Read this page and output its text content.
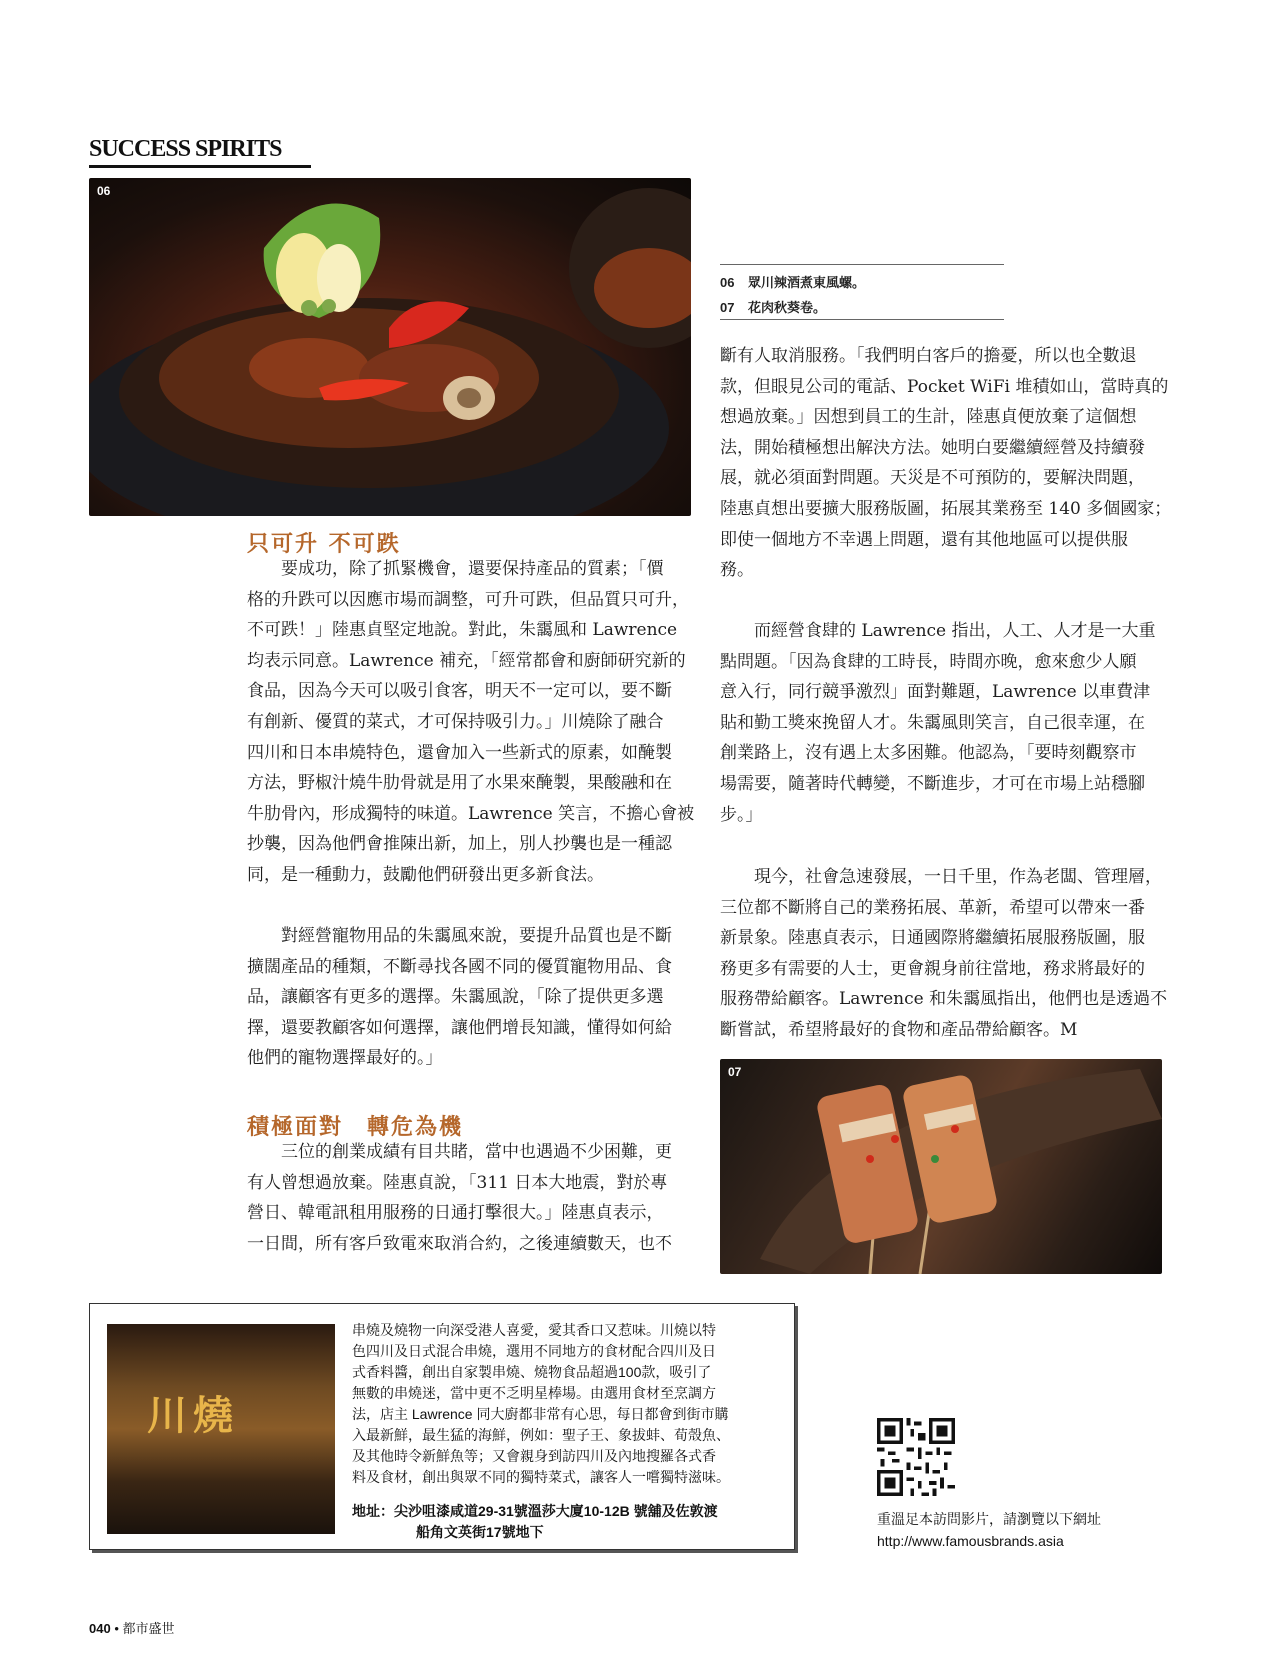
SUCCESS SPIRITS
06
06 眾川辣酒煮東風螺。
07 花肉秋葵卷。
只可升 不可跌
要成功，除了抓緊機會，還要保持產品的質素；「價
格的升跌可以因應市場而調整，可升可跌，但品質只可升，
不可跌！」陸惠貞堅定地說。對此，朱靄風和 Lawrence
均表示同意。Lawrence 補充，「經常都會和廚師研究新的
食品，因為今天可以吸引食客，明天不一定可以，要不斷
有創新、優質的菜式，才可保持吸引力。」川燒除了融合
四川和日本串燒特色，還會加入一些新式的原素，如醃製
方法，野椒汁燒牛肋骨就是用了水果來醃製，果酸融和在
牛肋骨內，形成獨特的味道。Lawrence 笑言，不擔心會被
抄襲，因為他們會推陳出新，加上，別人抄襲也是一種認
同，是一種動力，鼓勵他們研發出更多新食法。
對經營寵物用品的朱靄風來說，要提升品質也是不斷
擴闊產品的種類，不斷尋找各國不同的優質寵物用品、食
品，讓顧客有更多的選擇。朱靄風說，「除了提供更多選
擇，還要教顧客如何選擇，讓他們增長知識，懂得如何給
他們的寵物選擇最好的。」
積極面對　轉危為機
三位的創業成績有目共睹，當中也遇過不少困難，更
有人曾想過放棄。陸惠貞說，「311 日本大地震，對於專
營日、韓電訊租用服務的日通打擊很大。」陸惠貞表示，
一日間，所有客戶致電來取消合約，之後連續數天，也不
斷有人取消服務。「我們明白客戶的擔憂，所以也全數退
款，但眼見公司的電話、Pocket WiFi 堆積如山，當時真的
想過放棄。」因想到員工的生計，陸惠貞便放棄了這個想
法，開始積極想出解決方法。她明白要繼續經營及持續發
展，就必須面對問題。天災是不可預防的，要解決問題，
陸惠貞想出要擴大服務版圖，拓展其業務至 140 多個國家；
即使一個地方不幸遇上問題，還有其他地區可以提供服
務。
而經營食肆的 Lawrence 指出，人工、人才是一大重
點問題。「因為食肆的工時長，時間亦晚，愈來愈少人願
意入行，同行競爭激烈」面對難題，Lawrence 以車費津
貼和勤工獎來挽留人才。朱靄風則笑言，自己很幸運，在
創業路上，沒有遇上太多困難。他認為，「要時刻觀察市
場需要，隨著時代轉變，不斷進步，才可在市場上站穩腳
步。」
現今，社會急速發展，一日千里，作為老闆、管理層，
三位都不斷將自己的業務拓展、革新，希望可以帶來一番
新景象。陸惠貞表示，日通國際將繼續拓展服務版圖，服
務更多有需要的人士，更會親身前往當地，務求將最好的
服務帶給顧客。Lawrence 和朱靄風指出，他們也是透過不
斷嘗試，希望將最好的食物和產品帶給顧客。M
07
川燒
串燒及燒物一向深受港人喜愛，愛其香口又惹味。川燒以特
色四川及日式混合串燒，選用不同地方的食材配合四川及日
式香料醬，創出自家製串燒、燒物食品超過100款，吸引了
無數的串燒迷，當中更不乏明星棒場。由選用食材至烹調方
法，店主 Lawrence 同大廚都非常有心思，每日都會到街市購
入最新鮮，最生猛的海鮮，例如：聖子王、象拔蚌、荀殼魚、
及其他時令新鮮魚等；又會親身到訪四川及內地搜羅各式香
料及食材，創出與眾不同的獨特菜式，讓客人一嚐獨特滋味。
地址：尖沙咀漆咸道29-31號溫莎大廈10-12B 號舖及佐敦渡
船角文英街17號地下
重溫足本訪問影片，請瀏覽以下網址
http://www.famousbrands.asia
040 • 都市盛世
